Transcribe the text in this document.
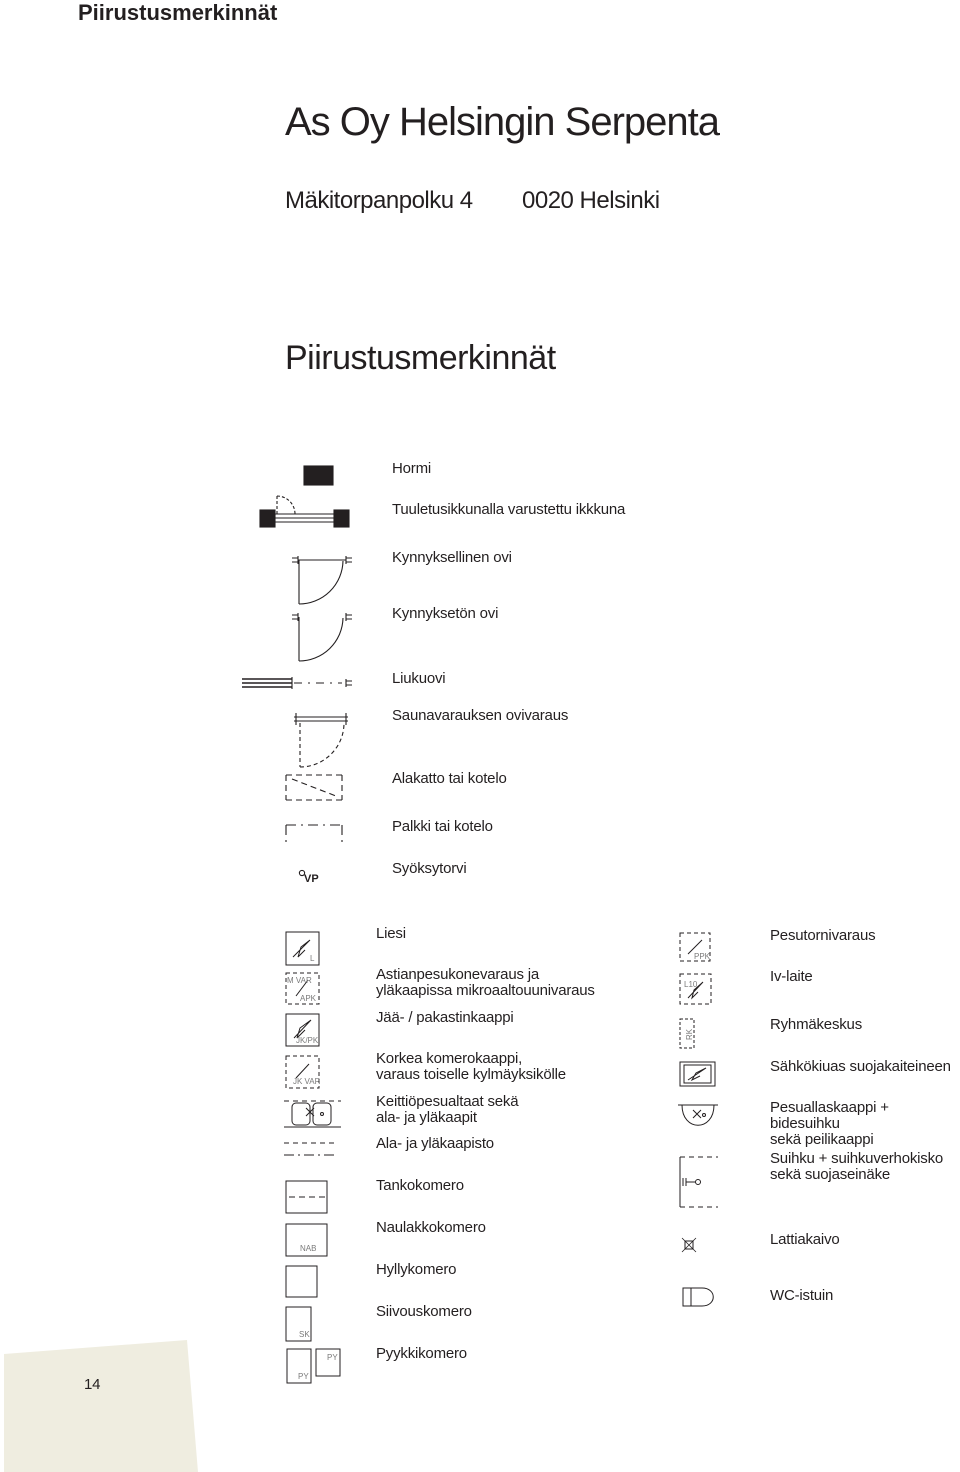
Piirustusmerkinnät
As Oy Helsingin Serpenta
Mäkitorpanpolku 4 0020 Helsinki
Piirustusmerkinnät
Hormi
Tuuletusikkunalla varustettu ikkkuna
Kynnyksellinen ovi
Kynnyksetön ovi
Liukuovi
Saunavarauksen ovivaraus
Alakatto tai kotelo
Palkki tai kotelo
Syöksytorvi
Liesi
Astianpesukonevaraus ja
yläkaapissa mikroaaltouunivaraus
Jää- / pakastinkaappi
Korkea komerokaappi,
varaus toiselle kylmäyksikölle
Keittiöpesualtaat sekä
ala- ja yläkaapit
Ala- ja yläkaapisto
Tankokomero
Naulakkokomero
Hyllykomero
Siivouskomero
Pyykkikomero
Pesutornivaraus
Iv-laite
Ryhmäkeskus
Sähkökiuas suojakaiteineen
Pesuallaskaappi + bidesuihku
sekä peilikaappi
Suihku + suihkuverhokisko
sekä suojaseinäke
Lattiakaivo
WC-istuin
VP
L
M VAR
APK
JK/PK
JK VAR
NAB
SK
PY
PY
PPK
L10
RK
14
